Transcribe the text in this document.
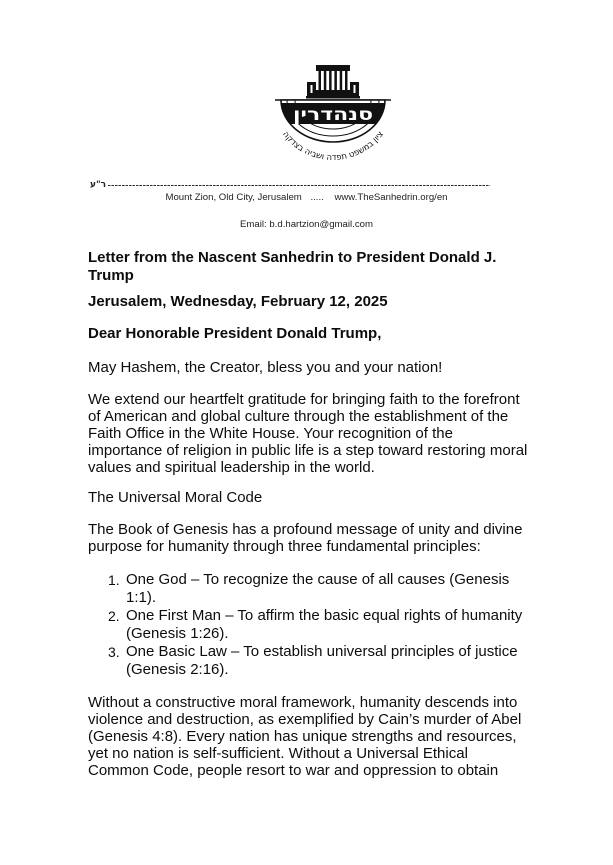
סנהדרין
ציון במשפט תפדה ושביה בצדקה
ר"ע
Mount Zion, Old City, Jerusalem ..... www.TheSanhedrin.org/en
Email: b.d.hartzion@gmail.com
Letter from the Nascent Sanhedrin to President Donald J.
Trump
Jerusalem, Wednesday, February 12, 2025
Dear Honorable President Donald Trump,
May Hashem, the Creator, bless you and your nation!
We extend our heartfelt gratitude for bringing faith to the forefront
of American and global culture through the establishment of the
Faith Office in the White House. Your recognition of the
importance of religion in public life is a step toward restoring moral
values and spiritual leadership in the world.
The Universal Moral Code
The Book of Genesis has a profound message of unity and divine
purpose for humanity through three fundamental principles:
1. One God – To recognize the cause of all causes (Genesis
1:1).
2. One First Man – To affirm the basic equal rights of humanity
(Genesis 1:26).
3. One Basic Law – To establish universal principles of justice
(Genesis 2:16).
Without a constructive moral framework, humanity descends into
violence and destruction, as exemplified by Cain’s murder of Abel
(Genesis 4:8). Every nation has unique strengths and resources,
yet no nation is self-sufficient. Without a Universal Ethical
Common Code, people resort to war and oppression to obtain
